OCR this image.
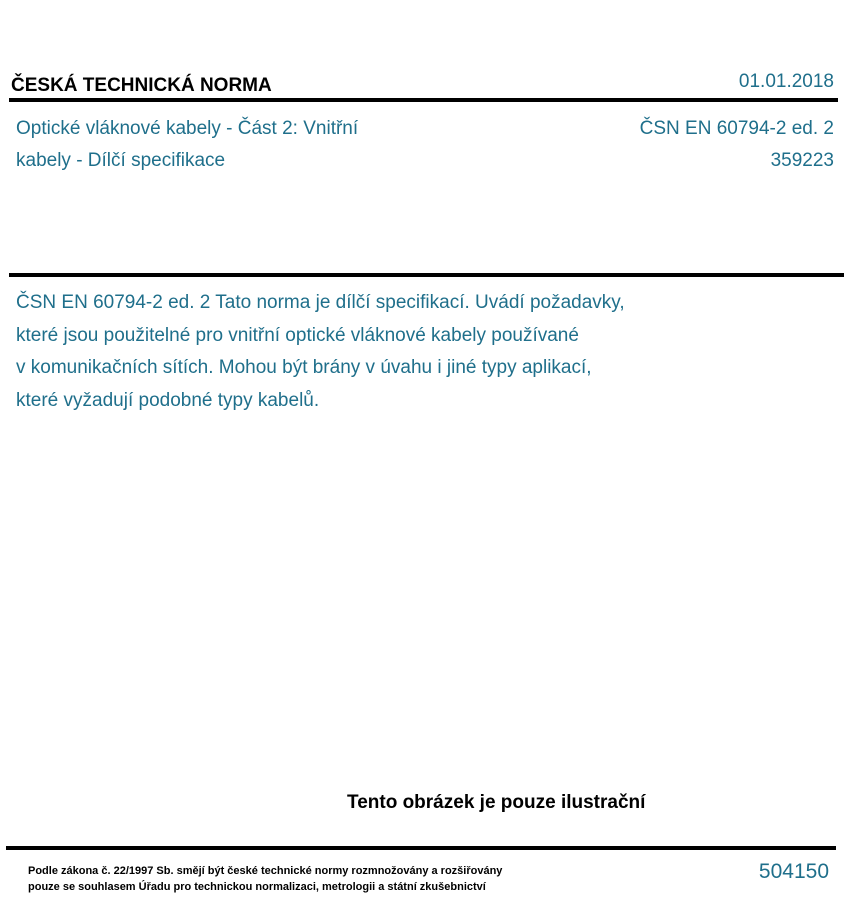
ČESKÁ TECHNICKÁ NORMA	01.01.2018
Optické vláknové kabely - Část 2: Vnitřní
kabely - Dílčí specifikace
ČSN EN 60794-2 ed. 2
359223
ČSN EN 60794-2 ed. 2 Tato norma je dílčí specifikací. Uvádí požadavky,
které jsou použitelné pro vnitřní optické vláknové kabely používané
v komunikačních sítích. Mohou být brány v úvahu i jiné typy aplikací,
které vyžadují podobné typy kabelů.
Tento obrázek je pouze ilustrační
Podle zákona č. 22/1997 Sb. smějí být české technické normy rozmnožovány a rozšiřovány
pouze se souhlasem Úřadu pro technickou normalizaci, metrologii a státní zkušebnictví
504150
